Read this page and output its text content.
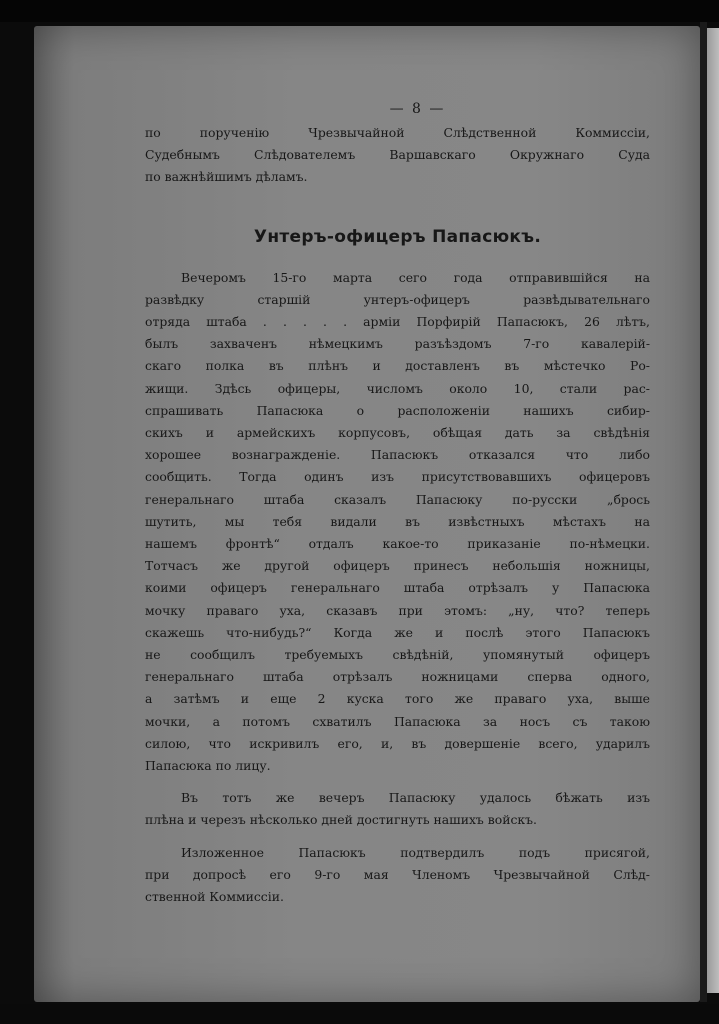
— 8 —

по порученію Чрезвычайной Слѣдственной Коммиссіи,
Судебнымъ Слѣдователемъ Варшавскаго Окружнаго Суда
по важнѣйшимъ дѣламъ.

Унтеръ-офицеръ Папасюкъ.

Вечеромъ 15-го марта сего года отправившійся на
развѣдку старшій унтеръ-офицеръ развѣдывательнаго
отряда штаба . . . . . арміи Порфирій Папасюкъ, 26 лѣтъ,
былъ захваченъ нѣмецкимъ разъѣздомъ 7-го кавалерій-
скаго полка въ плѣнъ и доставленъ въ мѣстечко Ро-
жищи. Здѣсь офицеры, числомъ около 10, стали рас-
спрашивать Папасюка о расположеніи нашихъ сибир-
скихъ и армейскихъ корпусовъ, обѣщая дать за свѣдѣнія
хорошее вознагражденіе. Папасюкъ отказался что либо
сообщить. Тогда одинъ изъ присутствовавшихъ офицеровъ
генеральнаго штаба сказалъ Папасюку по-русски „брось
шутить, мы тебя видали въ извѣстныхъ мѣстахъ на
нашемъ фронтѣ“ отдалъ какое-то приказаніе по-нѣмецки.
Тотчасъ же другой офицеръ принесъ небольшія ножницы,
коими офицеръ генеральнаго штаба отрѣзалъ у Папасюка
мочку праваго уха, сказавъ при этомъ: „ну, что? теперь
скажешь что-нибудь?“ Когда же и послѣ этого Папасюкъ
не сообщилъ требуемыхъ свѣдѣній, упомянутый офицеръ
генеральнаго штаба отрѣзалъ ножницами сперва одного,
а затѣмъ и еще 2 куска того же праваго уха, выше
мочки, а потомъ схватилъ Папасюка за носъ съ такою
силою, что искривилъ его, и, въ довершеніе всего, ударилъ
Папасюка по лицу.

Въ тотъ же вечеръ Папасюку удалось бѣжать изъ
плѣна и черезъ нѣсколько дней достигнуть нашихъ войскъ.

Изложенное Папасюкъ подтвердилъ подъ присягой,
при допросѣ его 9-го мая Членомъ Чрезвычайной Слѣд-
ственной Коммиссіи.
